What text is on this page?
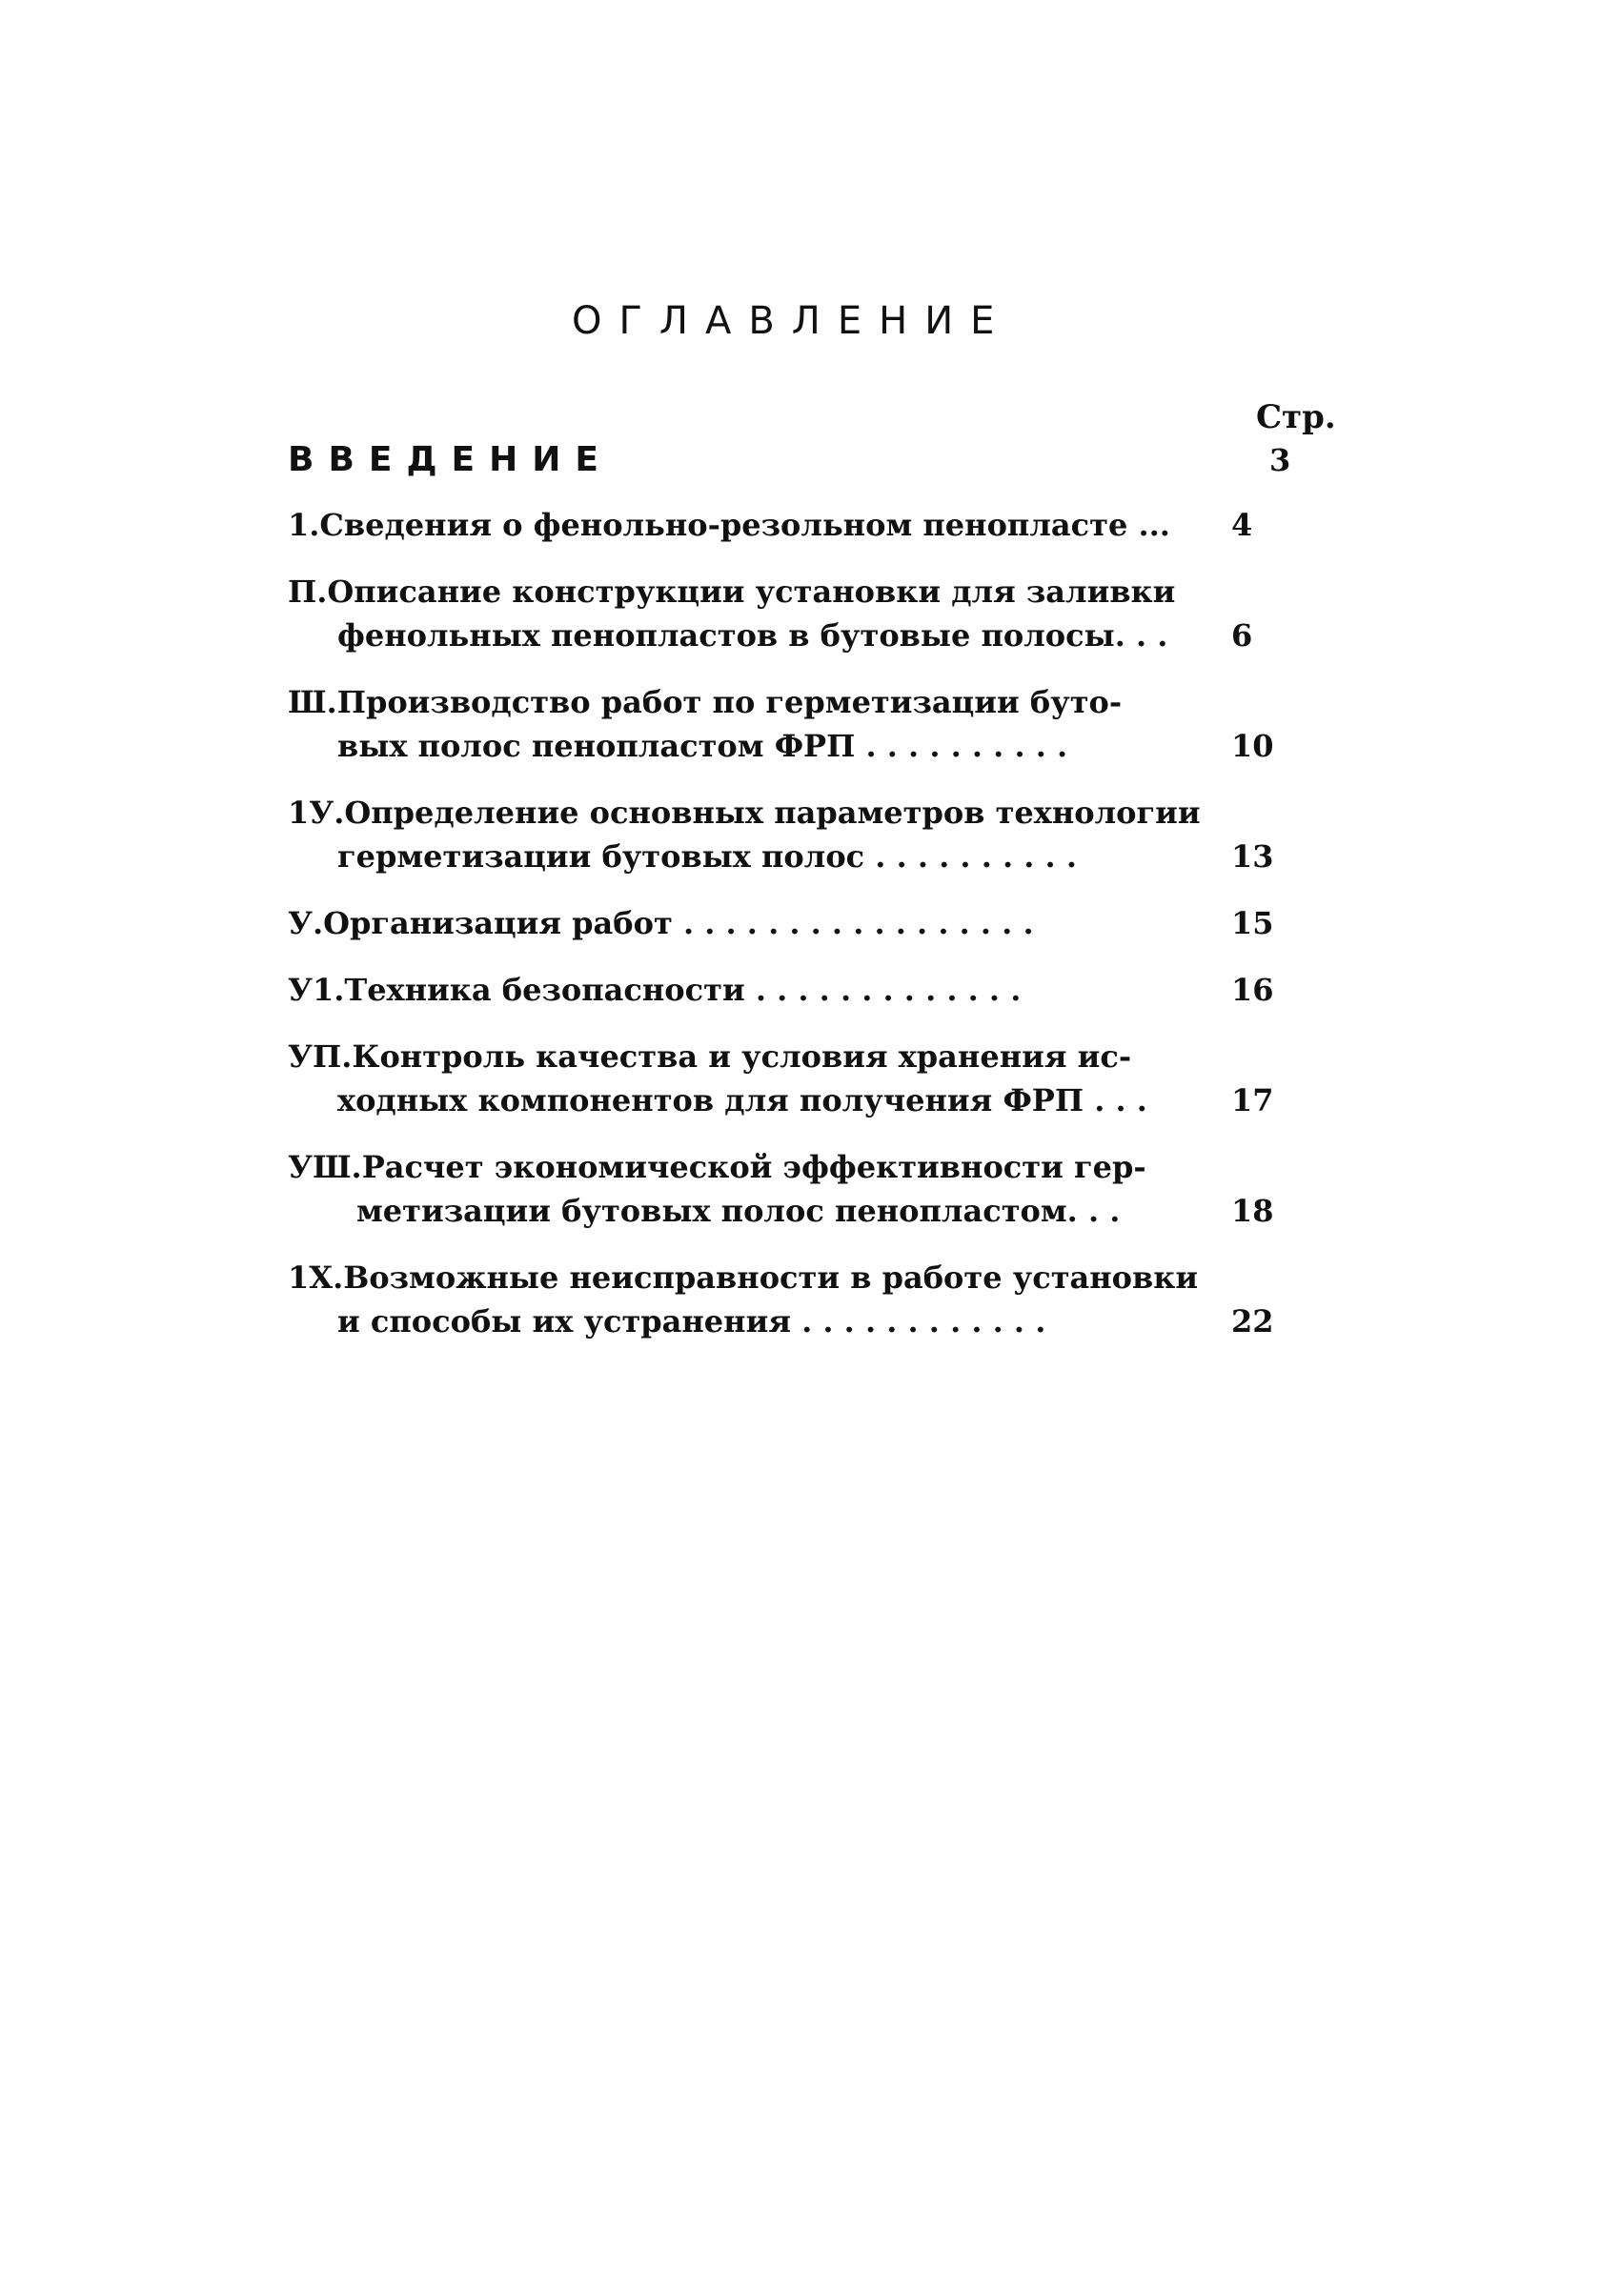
ОГЛАВЛЕНИЕ
Стр.
ВВЕДЕНИЕ	3
1.Сведения о фенольно-резольном пенопласте ...	4
П.Описание конструкции установки для заливки
фенольных пенопластов в бутовые полосы. . .	6
Ш.Производство работ по герметизации буто-
вых полос пенопластом ФРП . . . . . . . . . .	10
1У.Определение основных параметров технологии
герметизации бутовых полос . . . . . . . . . .	13
У.Организация работ . . . . . . . . . . . . . . . . .	15
У1.Техника безопасности . . . . . . . . . . . . .	16
УП.Контроль качества и условия хранения ис-
ходных компонентов для получения ФРП . . .	17
УШ.Расчет экономической эффективности гер-
метизации бутовых полос пенопластом. . .	18
1Х.Возможные неисправности в работе установки
и способы их устранения . . . . . . . . . . . .	22
